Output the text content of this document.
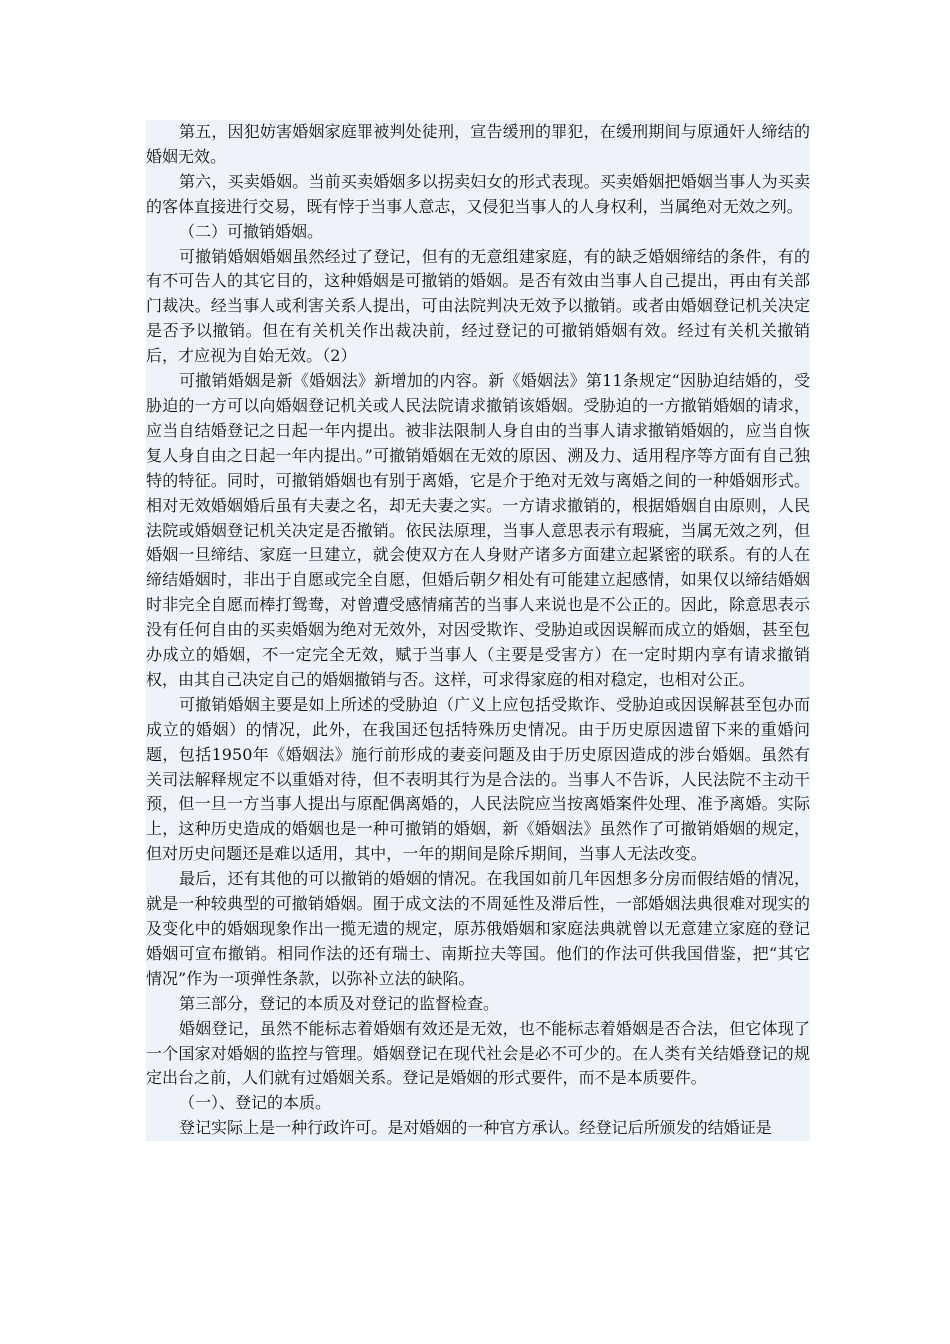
第五，因犯妨害婚姻家庭罪被判处徒刑，宣告缓刑的罪犯，在缓刑期间与原通奸人缔结的婚姻无效。

第六，买卖婚姻。当前买卖婚姻多以拐卖妇女的形式表现。买卖婚姻把婚姻当事人为买卖的客体直接进行交易，既有悖于当事人意志，又侵犯当事人的人身权利，当属绝对无效之列。

（二）可撤销婚姻。

可撤销婚姻婚姻虽然经过了登记，但有的无意组建家庭，有的缺乏婚姻缔结的条件，有的有不可告人的其它目的，这种婚姻是可撤销的婚姻。是否有效由当事人自己提出，再由有关部门裁决。经当事人或利害关系人提出，可由法院判决无效予以撤销。或者由婚姻登记机关决定是否予以撤销。但在有关机关作出裁决前，经过登记的可撤销婚姻有效。经过有关机关撤销后，才应视为自始无效。（2）

可撤销婚姻是新《婚姻法》新增加的内容。新《婚姻法》第11条规定“因胁迫结婚的，受胁迫的一方可以向婚姻登记机关或人民法院请求撤销该婚姻。受胁迫的一方撤销婚姻的请求，应当自结婚登记之日起一年内提出。被非法限制人身自由的当事人请求撤销婚姻的，应当自恢复人身自由之日起一年内提出。”可撤销婚姻在无效的原因、溯及力、适用程序等方面有自己独特的特征。同时，可撤销婚姻也有别于离婚，它是介于绝对无效与离婚之间的一种婚姻形式。相对无效婚姻婚后虽有夫妻之名，却无夫妻之实。一方请求撤销的，根据婚姻自由原则，人民法院或婚姻登记机关决定是否撤销。依民法原理，当事人意思表示有瑕疵，当属无效之列，但婚姻一旦缔结、家庭一旦建立，就会使双方在人身财产诸多方面建立起紧密的联系。有的人在缔结婚姻时，非出于自愿或完全自愿，但婚后朝夕相处有可能建立起感情，如果仅以缔结婚姻时非完全自愿而棒打鸳鸯，对曾遭受感情痛苦的当事人来说也是不公正的。因此，除意思表示没有任何自由的买卖婚姻为绝对无效外，对因受欺诈、受胁迫或因误解而成立的婚姻，甚至包办成立的婚姻，不一定完全无效，赋于当事人（主要是受害方）在一定时期内享有请求撤销权，由其自己决定自己的婚姻撤销与否。这样，可求得家庭的相对稳定，也相对公正。

可撤销婚姻主要是如上所述的受胁迫（广义上应包括受欺诈、受胁迫或因误解甚至包办而成立的婚姻）的情况，此外，在我国还包括特殊历史情况。由于历史原因遗留下来的重婚问题，包括1950年《婚姻法》施行前形成的妻妾问题及由于历史原因造成的涉台婚姻。虽然有关司法解释规定不以重婚对待，但不表明其行为是合法的。当事人不告诉，人民法院不主动干预，但一旦一方当事人提出与原配偶离婚的，人民法院应当按离婚案件处理、准予离婚。实际上，这种历史造成的婚姻也是一种可撤销的婚姻，新《婚姻法》虽然作了可撤销婚姻的规定，但对历史问题还是难以适用，其中，一年的期间是除斥期间，当事人无法改变。

最后，还有其他的可以撤销的婚姻的情况。在我国如前几年因想多分房而假结婚的情况，就是一种较典型的可撤销婚姻。囿于成文法的不周延性及滞后性，一部婚姻法典很难对现实的及变化中的婚姻现象作出一揽无遗的规定，原苏俄婚姻和家庭法典就曾以无意建立家庭的登记婚姻可宣布撤销。相同作法的还有瑞士、南斯拉夫等国。他们的作法可供我国借鉴，把“其它情况”作为一项弹性条款，以弥补立法的缺陷。

第三部分，登记的本质及对登记的监督检查。

婚姻登记，虽然不能标志着婚姻有效还是无效，也不能标志着婚姻是否合法，但它体现了一个国家对婚姻的监控与管理。婚姻登记在现代社会是必不可少的。在人类有关结婚登记的规定出台之前，人们就有过婚姻关系。登记是婚姻的形式要件，而不是本质要件。

（一）、登记的本质。

登记实际上是一种行政许可。是对婚姻的一种官方承认。经登记后所颁发的结婚证是
